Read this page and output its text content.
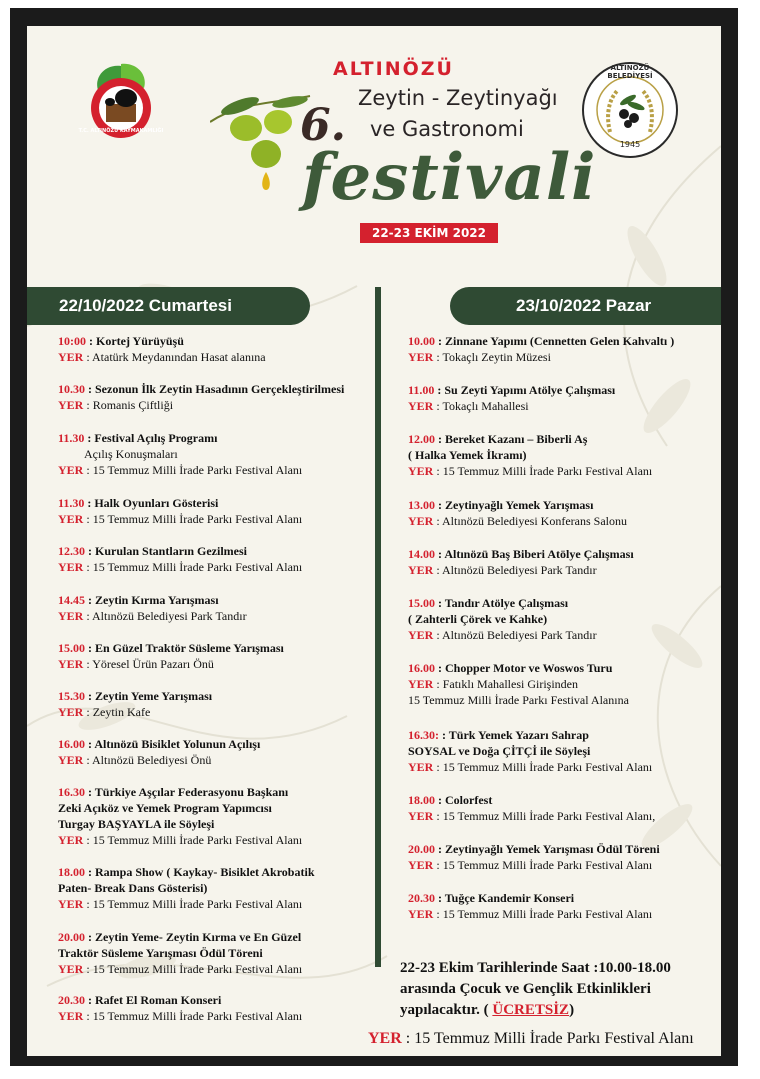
T.C. ALTINÖZÜ KAYMAKAMLIĞI
ALTINÖZÜ
6.
Zeytin - Zeytinyağı
ve Gastronomi
festivali
22-23 EKİM 2022
ALTINÖZÜ BELEDİYESİ
1945
22/10/2022 Cumartesi	23/10/2022 Pazar
10:00 : Kortej Yürüyüşü
YER : Atatürk Meydanından Hasat alanına
10.30 : Sezonun İlk Zeytin Hasadının Gerçekleştirilmesi
YER : Romanis Çiftliği
11.30 : Festival Açılış Programı
Açılış Konuşmaları
YER : 15 Temmuz Milli İrade Parkı Festival Alanı
11.30 : Halk Oyunları Gösterisi
YER : 15 Temmuz Milli İrade Parkı Festival Alanı
12.30 : Kurulan Stantların Gezilmesi
YER : 15 Temmuz Milli İrade Parkı Festival Alanı
14.45 : Zeytin Kırma Yarışması
YER : Altınözü Belediyesi Park Tandır
15.00 : En Güzel Traktör Süsleme Yarışması
YER : Yöresel Ürün Pazarı Önü
15.30 : Zeytin Yeme Yarışması
YER : Zeytin Kafe
16.00 : Altınözü Bisiklet Yolunun Açılışı
YER : Altınözü Belediyesi Önü
16.30 : Türkiye Aşçılar Federasyonu Başkanı
Zeki Açıköz ve Yemek Program Yapımcısı
Turgay BAŞYAYLA ile Söyleşi
YER : 15 Temmuz Milli İrade Parkı Festival Alanı
18.00 : Rampa Show ( Kaykay- Bisiklet Akrobatik
Paten- Break Dans Gösterisi)
YER : 15 Temmuz Milli İrade Parkı Festival Alanı
20.00 : Zeytin Yeme- Zeytin Kırma ve En Güzel
Traktör Süsleme Yarışması Ödül Töreni
YER : 15 Temmuz Milli İrade Parkı Festival Alanı
20.30 : Rafet El Roman Konseri
YER : 15 Temmuz Milli İrade Parkı Festival Alanı
10.00 : Zinnane Yapımı (Cennetten Gelen Kahvaltı )
YER : Tokaçlı Zeytin Müzesi
11.00 : Su Zeyti Yapımı Atölye Çalışması
YER : Tokaçlı Mahallesi
12.00 : Bereket Kazanı – Biberli Aş
( Halka Yemek İkramı)
YER : 15 Temmuz Milli İrade Parkı Festival Alanı
13.00 : Zeytinyağlı Yemek Yarışması
YER : Altınözü Belediyesi Konferans Salonu
14.00 : Altınözü Baş Biberi Atölye Çalışması
YER : Altınözü Belediyesi Park Tandır
15.00 : Tandır Atölye Çalışması
( Zahterli Çörek ve Kahke)
YER : Altınözü Belediyesi Park Tandır
16.00 : Chopper Motor ve Woswos Turu
YER : Fatıklı Mahallesi Girişinden
15 Temmuz Milli İrade Parkı Festival Alanına
16.30: : Türk Yemek Yazarı Sahrap
SOYSAL ve Doğa ÇİTÇİ ile Söyleşi
YER : 15 Temmuz Milli İrade Parkı Festival Alanı
18.00 : Colorfest
YER : 15 Temmuz Milli İrade Parkı Festival Alanı,
20.00 : Zeytinyağlı Yemek Yarışması Ödül Töreni
YER : 15 Temmuz Milli İrade Parkı Festival Alanı
20.30 : Tuğçe Kandemir Konseri
YER : 15 Temmuz Milli İrade Parkı Festival Alanı
22-23 Ekim Tarihlerinde Saat :10.00-18.00
arasında Çocuk ve Gençlik Etkinlikleri
yapılacaktır. ( ÜCRETSİZ)
YER : 15 Temmuz Milli İrade Parkı Festival Alanı
